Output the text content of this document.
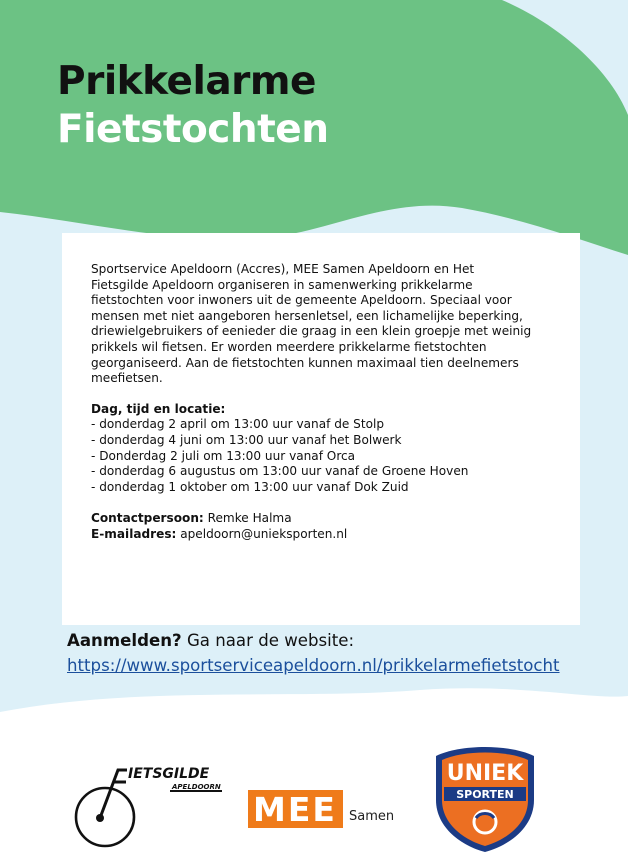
Prikkelarme
Fietstochten

Sportservice Apeldoorn (Accres), MEE Samen Apeldoorn en Het
Fietsgilde Apeldoorn organiseren in samenwerking prikkelarme
fietstochten voor inwoners uit de gemeente Apeldoorn. Speciaal voor
mensen met niet aangeboren hersenletsel, een lichamelijke beperking,
driewielgebruikers of eenieder die graag in een klein groepje met weinig
prikkels wil fietsen. Er worden meerdere prikkelarme fietstochten
georganiseerd. Aan de fietstochten kunnen maximaal tien deelnemers
meefietsen.

Dag, tijd en locatie:

- donderdag 2 april om 13:00 uur vanaf de Stolp
- donderdag 4 juni om 13:00 uur vanaf het Bolwerk
- Donderdag 2 juli om 13:00 uur vanaf Orca
- donderdag 6 augustus om 13:00 uur vanaf de Groene Hoven
- donderdag 1 oktober om 13:00 uur vanaf Dok Zuid

Contactpersoon: Remke Halma

E-mailadres: apeldoorn@unieksporten.nl

Aanmelden? Ga naar de website:
https://www.sportserviceapeldoorn.nl/prikkelarmefietstocht
IETSGILDE
APELDOORN
MEE Samen
UNIEK
SPORTEN
